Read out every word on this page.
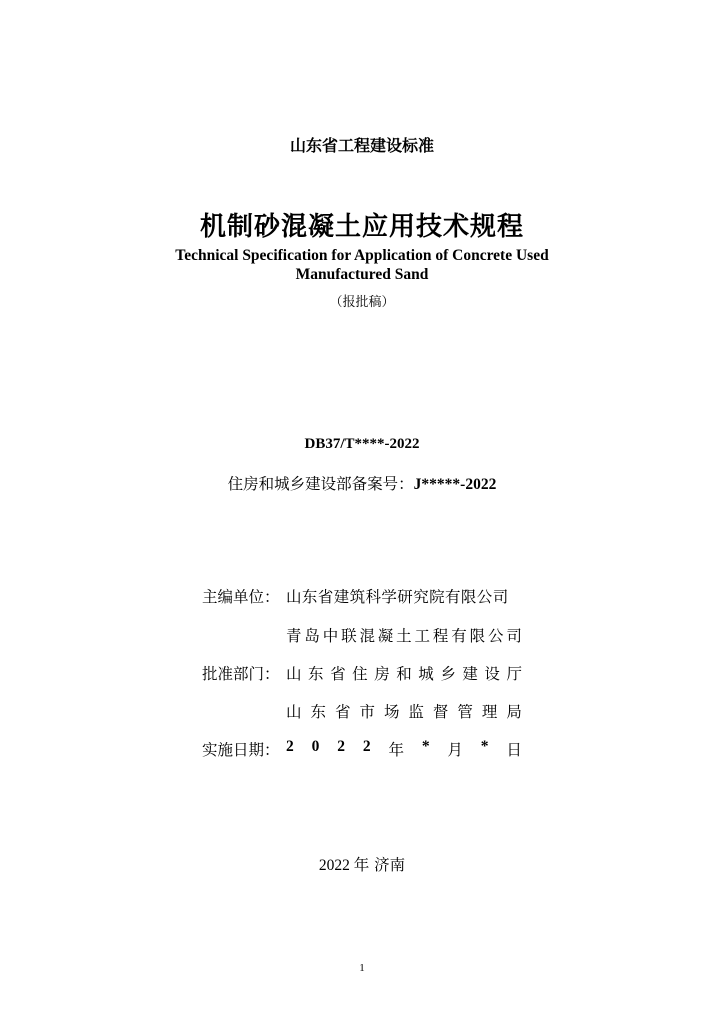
山东省工程建设标准
机制砂混凝土应用技术规程
Technical Specification for Application of Concrete Used
Manufactured Sand
（报批稿）
DB37/T****-2022
住房和城乡建设部备案号：J*****-2022
主编单位： 山东省建筑科学研究院有限公司
青 岛 中 联 混 凝 土 工 程 有 限 公 司
批准部门： 山 东 省 住 房 和 城 乡 建 设 厅
山 东 省 市 场 监 督 管 理 局
实施日期： 2 0 2 2 年 * 月 * 日
2022 年 济南
1
